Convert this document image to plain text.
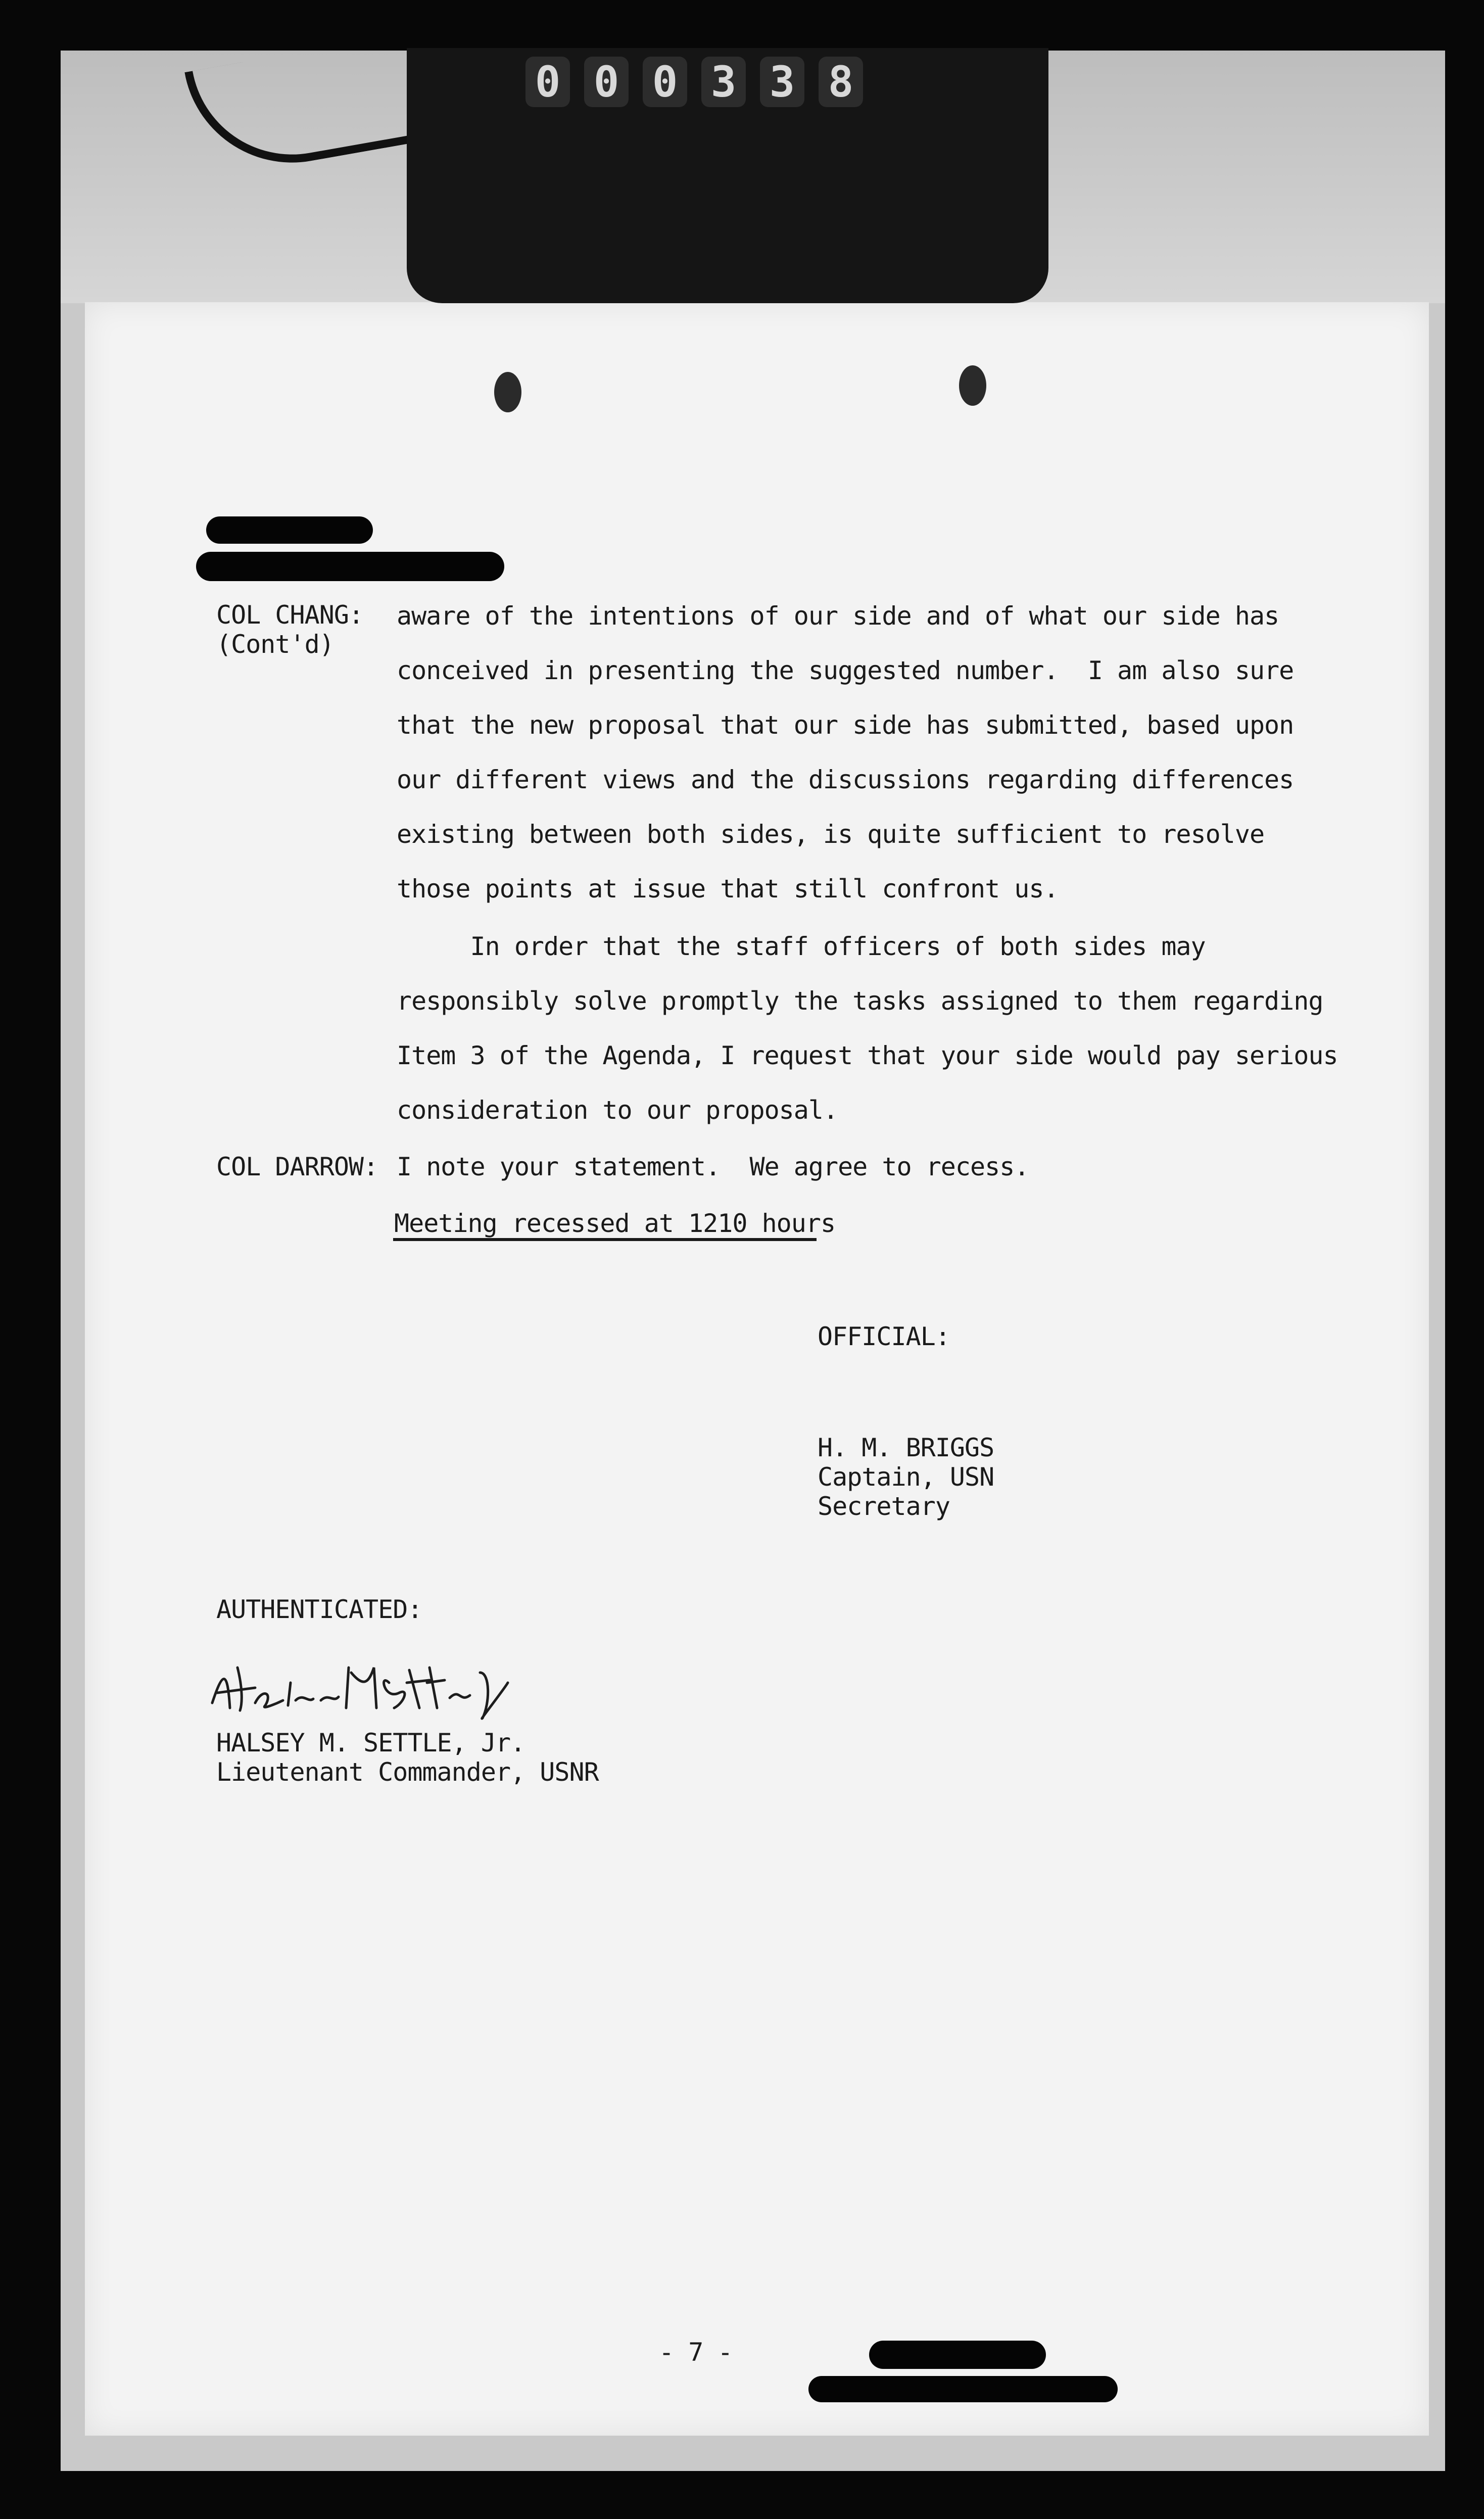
0 0 0 3 3 8
COL CHANG:
(Cont'd)
aware of the intentions of our side and of what our side has
conceived in presenting the suggested number.  I am also sure
that the new proposal that our side has submitted, based upon
our different views and the discussions regarding differences
existing between both sides, is quite sufficient to resolve
those points at issue that still confront us.
In order that the staff officers of both sides may
responsibly solve promptly the tasks assigned to them regarding
Item 3 of the Agenda, I request that your side would pay serious
consideration to our proposal.
COL DARROW: I note your statement.  We agree to recess.
Meeting recessed at 1210 hours
OFFICIAL:
H. M. BRIGGS
Captain, USN
Secretary
AUTHENTICATED:
HALSEY M. SETTLE, Jr.
Lieutenant Commander, USNR
- 7 -
